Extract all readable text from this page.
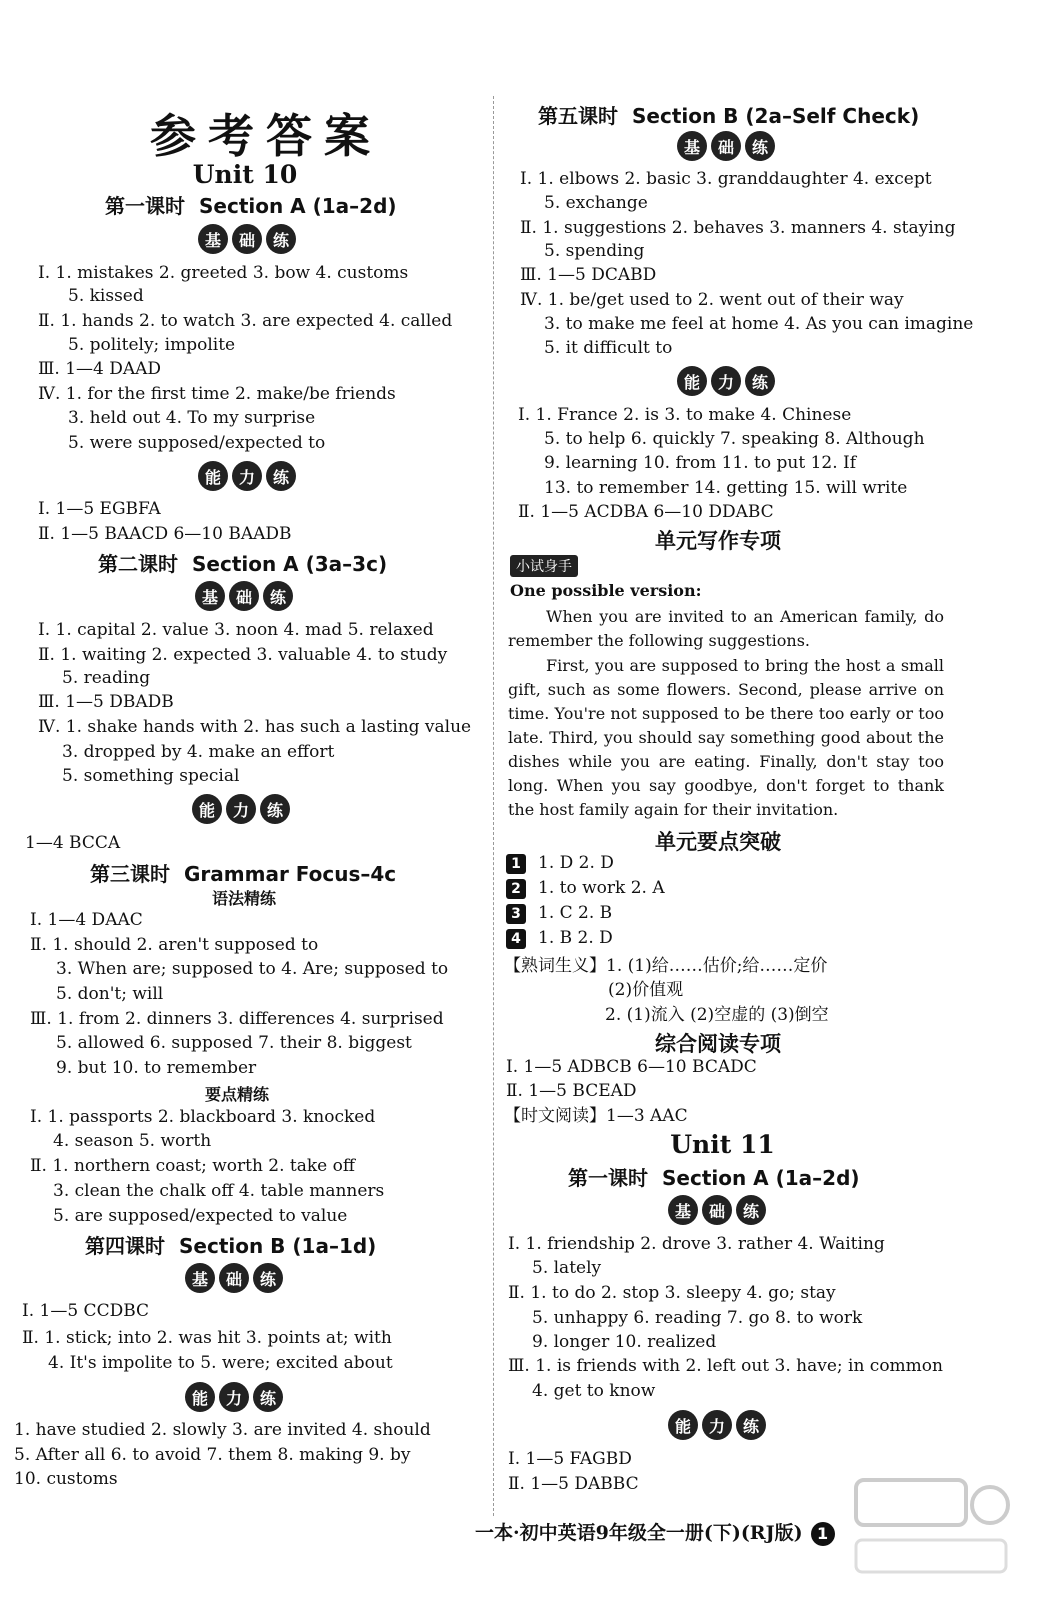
参考答案
Unit 10
第一课时 Section A (1a–2d)
基	础	练
Ⅰ. 1. mistakes 2. greeted 3. bow 4. customs
5. kissed
Ⅱ. 1. hands 2. to watch 3. are expected 4. called
5. politely; impolite
Ⅲ. 1—4 DAAD
Ⅳ. 1. for the first time 2. make/be friends
3. held out 4. To my surprise
5. were supposed/expected to
能	力	练
Ⅰ. 1—5 EGBFA
Ⅱ. 1—5 BAACD 6—10 BAADB
第二课时 Section A (3a–3c)
基	础	练
Ⅰ. 1. capital 2. value 3. noon 4. mad 5. relaxed
Ⅱ. 1. waiting 2. expected 3. valuable 4. to study
5. reading
Ⅲ. 1—5 DBADB
Ⅳ. 1. shake hands with 2. has such a lasting value
3. dropped by 4. make an effort
5. something special
能	力	练
1—4 BCCA
第三课时 Grammar Focus–4c
语法精练
Ⅰ. 1—4 DAAC
Ⅱ. 1. should 2. aren't supposed to
3. When are; supposed to 4. Are; supposed to
5. don't; will
Ⅲ. 1. from 2. dinners 3. differences 4. surprised
5. allowed 6. supposed 7. their 8. biggest
9. but 10. to remember
要点精练
Ⅰ. 1. passports 2. blackboard 3. knocked
4. season 5. worth
Ⅱ. 1. northern coast; worth 2. take off
3. clean the chalk off 4. table manners
5. are supposed/expected to value
第四课时 Section B (1a–1d)
基	础	练
Ⅰ. 1—5 CCDBC
Ⅱ. 1. stick; into 2. was hit 3. points at; with
4. It's impolite to 5. were; excited about
能	力	练
1. have studied 2. slowly 3. are invited 4. should
5. After all 6. to avoid 7. them 8. making 9. by
10. customs
第五课时 Section B (2a–Self Check)
基	础	练
Ⅰ. 1. elbows 2. basic 3. granddaughter 4. except
5. exchange
Ⅱ. 1. suggestions 2. behaves 3. manners 4. staying
5. spending
Ⅲ. 1—5 DCABD
Ⅳ. 1. be/get used to 2. went out of their way
3. to make me feel at home 4. As you can imagine
5. it difficult to
能	力	练
Ⅰ. 1. France 2. is 3. to make 4. Chinese
5. to help 6. quickly 7. speaking 8. Although
9. learning 10. from 11. to put 12. If
13. to remember 14. getting 15. will write
Ⅱ. 1—5 ACDBA 6—10 DDABC
单元写作专项
小试身手
One possible version:
When you are invited to an American family, do remember the following suggestions.
First, you are supposed to bring the host a small gift, such as some flowers. Second, please arrive on time. You're not supposed to be there too early or too late. Third, you should say something good about the dishes while you are eating. Finally, don't stay too long. When you say goodbye, don't forget to thank the host family again for their invitation.
单元要点突破
1 1. D 2. D
2 1. to work 2. A
3 1. C 2. B
4 1. B 2. D
【熟词生义】1. (1)给……估价;给……定价
(2)价值观
2. (1)流入 (2)空虚的 (3)倒空
综合阅读专项
Ⅰ. 1—5 ADBCB 6—10 BCADC
Ⅱ. 1—5 BCEAD
【时文阅读】1—3 AAC
Unit 11
第一课时 Section A (1a–2d)
基	础	练
Ⅰ. 1. friendship 2. drove 3. rather 4. Waiting
5. lately
Ⅱ. 1. to do 2. stop 3. sleepy 4. go; stay
5. unhappy 6. reading 7. go 8. to work
9. longer 10. realized
Ⅲ. 1. is friends with 2. left out 3. have; in common
4. get to know
能	力	练
Ⅰ. 1—5 FAGBD
Ⅱ. 1—5 DABBC
一本·初中英语9年级全一册(下)(RJ版) 1
